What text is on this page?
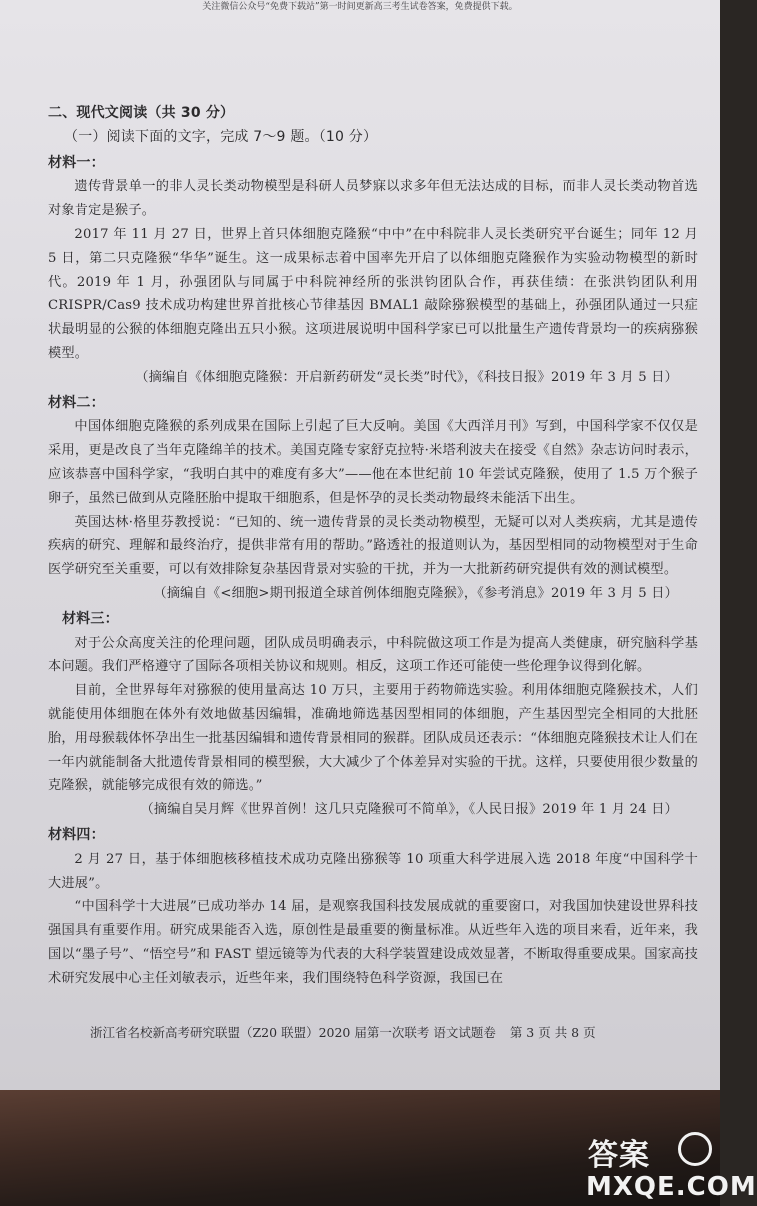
关注微信公众号“免费下载站”第一时间更新高三考生试卷答案，免费提供下载。
二、现代文阅读（共 30 分）
（一）阅读下面的文字，完成 7～9 题。（10 分）
材料一：
遗传背景单一的非人灵长类动物模型是科研人员梦寐以求多年但无法达成的目标，而非人灵长类动物首选对象肯定是猴子。
2017 年 11 月 27 日，世界上首只体细胞克隆猴“中中”在中科院非人灵长类研究平台诞生；同年 12 月 5 日，第二只克隆猴“华华”诞生。这一成果标志着中国率先开启了以体细胞克隆猴作为实验动物模型的新时代。2019 年 1 月，孙强团队与同属于中科院神经所的张洪钧团队合作，再获佳绩：在张洪钧团队利用 CRISPR/Cas9 技术成功构建世界首批核心节律基因 BMAL1 敲除猕猴模型的基础上，孙强团队通过一只症状最明显的公猴的体细胞克隆出五只小猴。这项进展说明中国科学家已可以批量生产遗传背景均一的疾病猕猴模型。
（摘编自《体细胞克隆猴：开启新药研发“灵长类”时代》，《科技日报》2019 年 3 月 5 日）
材料二：
中国体细胞克隆猴的系列成果在国际上引起了巨大反响。美国《大西洋月刊》写到，中国科学家不仅仅是采用，更是改良了当年克隆绵羊的技术。美国克隆专家舒克拉特·米塔利波夫在接受《自然》杂志访问时表示，应该恭喜中国科学家，“我明白其中的难度有多大”——他在本世纪前 10 年尝试克隆猴，使用了 1.5 万个猴子卵子，虽然已做到从克隆胚胎中提取干细胞系，但是怀孕的灵长类动物最终未能活下出生。
英国达林·格里芬教授说：“已知的、统一遗传背景的灵长类动物模型，无疑可以对人类疾病，尤其是遗传疾病的研究、理解和最终治疗，提供非常有用的帮助。”路透社的报道则认为，基因型相同的动物模型对于生命医学研究至关重要，可以有效排除复杂基因背景对实验的干扰，并为一大批新药研究提供有效的测试模型。
（摘编自《<细胞>期刊报道全球首例体细胞克隆猴》，《参考消息》2019 年 3 月 5 日）
材料三：
对于公众高度关注的伦理问题，团队成员明确表示，中科院做这项工作是为提高人类健康，研究脑科学基本问题。我们严格遵守了国际各项相关协议和规则。相反，这项工作还可能使一些伦理争议得到化解。
目前，全世界每年对猕猴的使用量高达 10 万只，主要用于药物筛选实验。利用体细胞克隆猴技术，人们就能使用体细胞在体外有效地做基因编辑，准确地筛选基因型相同的体细胞，产生基因型完全相同的大批胚胎，用母猴载体怀孕出生一批基因编辑和遗传背景相同的猴群。团队成员还表示：“体细胞克隆猴技术让人们在一年内就能制备大批遗传背景相同的模型猴，大大减少了个体差异对实验的干扰。这样，只要使用很少数量的克隆猴，就能够完成很有效的筛选。”
（摘编自吴月辉《世界首例！这几只克隆猴可不简单》，《人民日报》2019 年 1 月 24 日）
材料四：
2 月 27 日，基于体细胞核移植技术成功克隆出猕猴等 10 项重大科学进展入选 2018 年度“中国科学十大进展”。
“中国科学十大进展”已成功举办 14 届，是观察我国科技发展成就的重要窗口，对我国加快建设世界科技强国具有重要作用。研究成果能否入选，原创性是最重要的衡量标准。从近些年入选的项目来看，近年来，我国以“墨子号”、“悟空号”和 FAST 望远镜等为代表的大科学装置建设成效显著，不断取得重要成果。国家高技术研究发展中心主任刘敏表示，近些年来，我们围绕特色科学资源，我国已在
浙江省名校新高考研究联盟（Z20 联盟）2020 届第一次联考 语文试题卷 第 3 页 共 8 页
答案
MXQE.COM
